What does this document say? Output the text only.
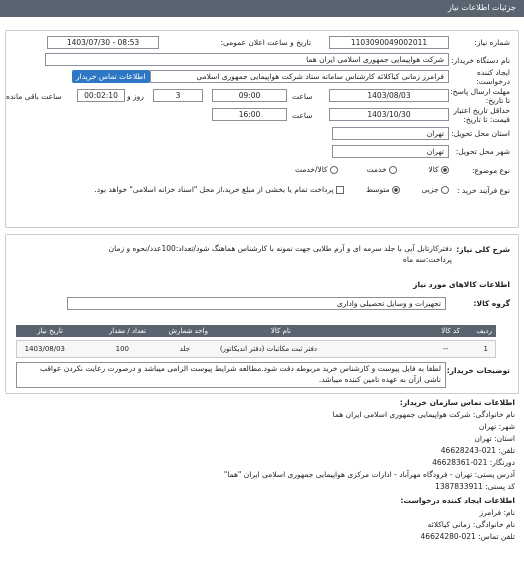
جزئیات اطلاعات نیاز
شماره نیاز:
1103090049002011
تاریخ و ساعت اعلان عمومی:
1403/07/30 - 08:53
نام دستگاه خریدار:
شرکت هواپیمایی جمهوری اسلامی ایران هما
ایجاد کننده درخواست:
فرامرز زمانی کیاکلائه کارشناس سامانه ستاد شرکت هواپیمایی جمهوری اسلامی
اطلاعات تماس خریدار
مهلت ارسال پاسخ: تا تاریخ:
1403/08/03
ساعت
09:00
3
روز و
00:02:10
ساعت باقی مانده
حداقل تاریخ اعتبار قیمت: تا تاریخ:
1403/10/30
ساعت
16:00
استان محل تحویل:
تهران
شهر محل تحویل:
تهران
نوع موضوع:
کالا
خدمت
کالا/خدمت
نوع فرآیند خرید :
جزیی
متوسط
پرداخت تمام یا بخشی از مبلغ خرید،از محل "اسناد خزانه اسلامی" خواهد بود.
شرح کلی نیاز:
دفترکارتابل آبی با جلد سرمه ای و آرم طلایی جهت نمونه با کارشناس هماهنگ شود/تعداد:100عدد/نحوه و زمان
پرداخت:سه ماه
اطلاعات کالاهای مورد نیاز
گروه کالا:
تجهیزات و وسایل تحصیلی واداری
ردیف
کد کالا
نام کالا
واحد شمارش
تعداد / مقدار
تاریخ نیاز
1
--
دفتر ثبت مکاتبات (دفتر اندیکاتور)
جلد
100
1403/08/03
توضیحات خریدار:
لطفا به فایل پیوست و کارشناس خرید مربوطه دقت شود.مطالعه شرایط پیوست الزامی میباشد و درصورت رعایت نکردن عواقب
ناشی ازآن به عهده تامین کننده میباشد.
اطلاعات تماس سازمان خریدار:
نام خانوادگی: شرکت هواپیمایی جمهوری اسلامی ایران هما
شهر: تهران
استان: تهران
تلفن: 021-46628243
دورنگار: 021-46628361
آدرس پستی: تهران - فرودگاه مهرآباد - ادارات مرکزی هواپیمایی جمهوری اسلامی ایران "هما"
کد پستی: 1387833911
اطلاعات ایجاد کننده درخواست:
نام: فرامرز
نام خانوادگی: زمانی کیاکلائه
تلفن تماس: 021-46624280
